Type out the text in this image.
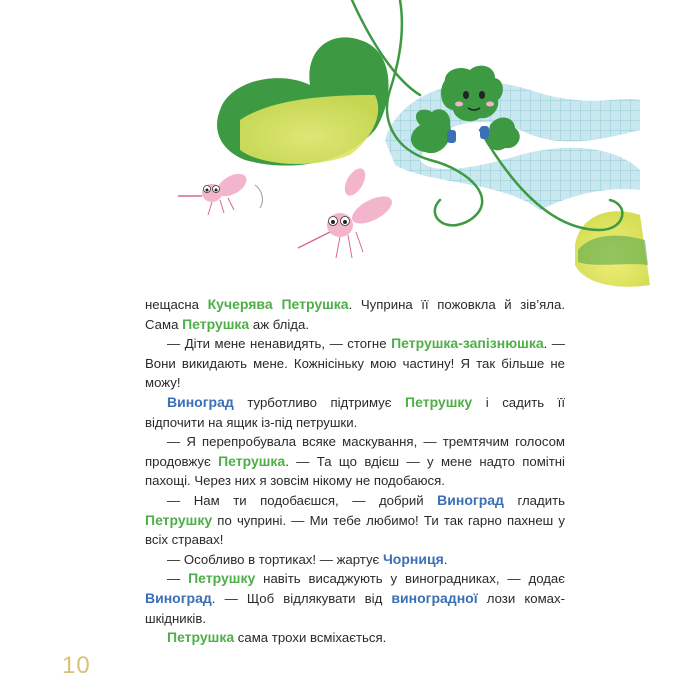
нещасна Кучерява Петрушка. Чуприна її пожовкла й зів’яла. Сама Петрушка аж бліда.

— Діти мене ненавидять, — стогне Петрушка-запізнюшка. — Вони викидають мене. Кожнісіньку мою частину! Я так більше не можу!

Виноград турботливо підтримує Петрушку і садить її відпочити на ящик із-під петрушки.

— Я перепробувала всяке маскування, — тремтячим голосом продовжує Петрушка. — Та що вдієш — у мене надто помітні пахощі. Через них я зовсім нікому не подобаюся.

— Нам ти подобаєшся, — добрий Виноград гладить Петрушку по чуприні. — Ми тебе любимо! Ти так гарно пахнеш у всіх стравах!

— Особливо в тортиках! — жартує Чорниця.

— Петрушку навіть висаджують у виноградниках, — додає Виноград. — Щоб відлякувати від виноградної лози комах-шкідників.

Петрушка сама трохи всміхається.

10
